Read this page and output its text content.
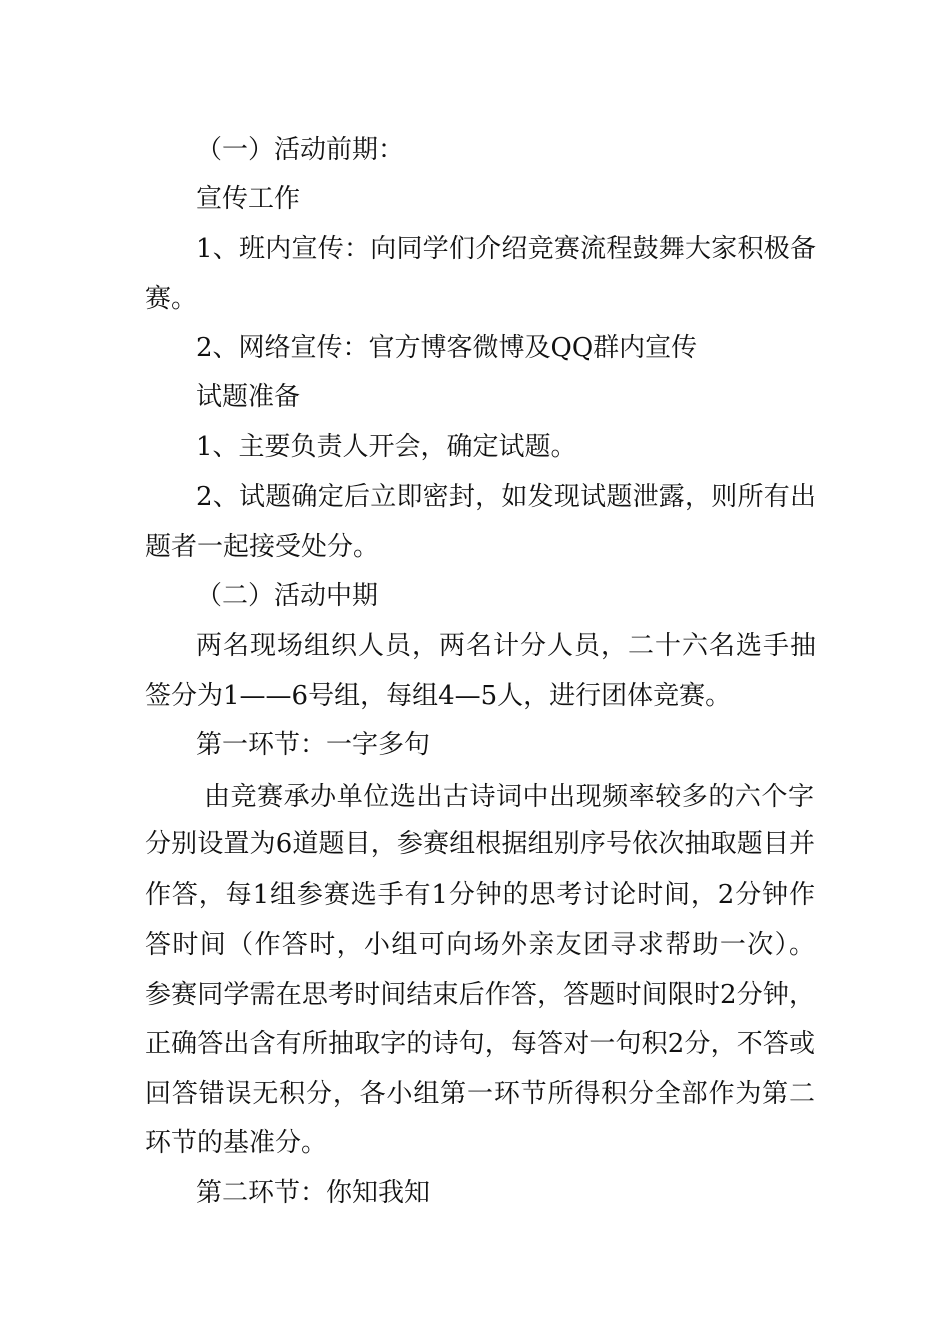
（一）活动前期：
宣传工作
1、班内宣传：向同学们介绍竞赛流程鼓舞大家积极备
赛。
2、网络宣传：官方博客微博及QQ群内宣传
试题准备
1、主要负责人开会，确定试题。
2、试题确定后立即密封，如发现试题泄露，则所有出
题者一起接受处分。
（二）活动中期
两名现场组织人员，两名计分人员，二十六名选手抽
签分为1——6号组，每组4—5人，进行团体竞赛。
第一环节：一字多句
由竞赛承办单位选出古诗词中出现频率较多的六个字
分别设置为6道题目，参赛组根据组别序号依次抽取题目并
作答，每1组参赛选手有1分钟的思考讨论时间，2分钟作
答时间（作答时，小组可向场外亲友团寻求帮助一次）。
参赛同学需在思考时间结束后作答，答题时间限时2分钟，
正确答出含有所抽取字的诗句，每答对一句积2分，不答或
回答错误无积分，各小组第一环节所得积分全部作为第二
环节的基准分。
第二环节：你知我知
